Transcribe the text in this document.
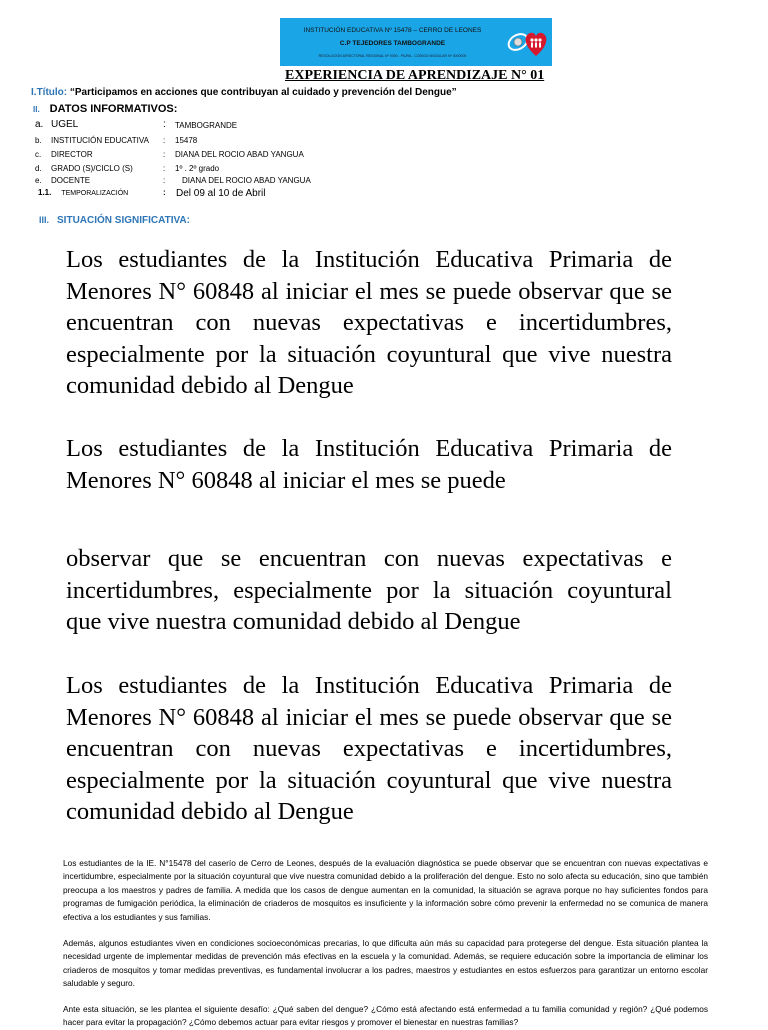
INSTITUCIÓN EDUCATIVA Nº 15478 – CERRO DE LEONES
C.P TEJEDORES TAMBOGRANDE
RESOLUCIÓN DIRECTORAL REGIONAL Nº 0000 - PIURA - CÓDIGO MODULAR Nº 0000000
EXPERIENCIA DE APRENDIZAJE N° 01
I.Título: “Participamos en acciones que contribuyan al cuidado y prevención del Dengue”
II. DATOS INFORMATIVOS:
a. UGEL	: TAMBOGRANDE
b. INSTITUCIÓN EDUCATIVA : 15478
c. DIRECTOR	: DIANA DEL ROCIO ABAD YANGUA
d. GRADO (S)/CICLO (S)	: 1º . 2º grado
e. DOCENTE	: DIANA DEL ROCIO ABAD YANGUA
1.1. TEMPORALIZACIÓN	: Del 09 al 10 de Abril
III. SITUACIÓN SIGNIFICATIVA:

Los estudiantes de la Institución Educativa Primaria de Menores N° 60848 al iniciar el mes se puede observar que se encuentran con nuevas expectativas e incertidumbres, especialmente por la situación coyuntural que vive nuestra comunidad debido al Dengue

Los estudiantes de la Institución Educativa Primaria de Menores N° 60848 al iniciar el mes se puede

observar que se encuentran con nuevas expectativas e incertidumbres, especialmente por la situación coyuntural que vive nuestra comunidad debido al Dengue

Los estudiantes de la Institución Educativa Primaria de Menores N° 60848 al iniciar el mes se puede observar que se encuentran con nuevas expectativas e incertidumbres, especialmente por la situación coyuntural que vive nuestra comunidad debido al Dengue

Los estudiantes de la IE. N°15478 del caserío de Cerro de Leones, después de la evaluación diagnóstica se puede observar que se encuentran con nuevas expectativas e incertidumbre, especialmente por la situación coyuntural que vive nuestra comunidad debido a la proliferación del dengue. Esto no solo afecta su educación, sino que también preocupa a los maestros y padres de familia. A medida que los casos de dengue aumentan en la comunidad, la situación se agrava porque no hay suficientes fondos para programas de fumigación periódica, la eliminación de criaderos de mosquitos es insuficiente y la información sobre cómo prevenir la enfermedad no se comunica de manera efectiva a los estudiantes y sus familias.

Además, algunos estudiantes viven en condiciones socioeconómicas precarias, lo que dificulta aún más su capacidad para protegerse del dengue. Esta situación plantea la necesidad urgente de implementar medidas de prevención más efectivas en la escuela y la comunidad. Además, se requiere educación sobre la importancia de eliminar los criaderos de mosquitos y tomar medidas preventivas, es fundamental involucrar a los padres, maestros y estudiantes en estos esfuerzos para garantizar un entorno escolar saludable y seguro.

Ante esta situación, se les plantea el siguiente desafío: ¿Qué saben del dengue? ¿Cómo está afectando está enfermedad a tu familia comunidad y región? ¿Qué podemos hacer para evitar la propagación? ¿Cómo debemos actuar para evitar riesgos y promover el bienestar en nuestras familias?
